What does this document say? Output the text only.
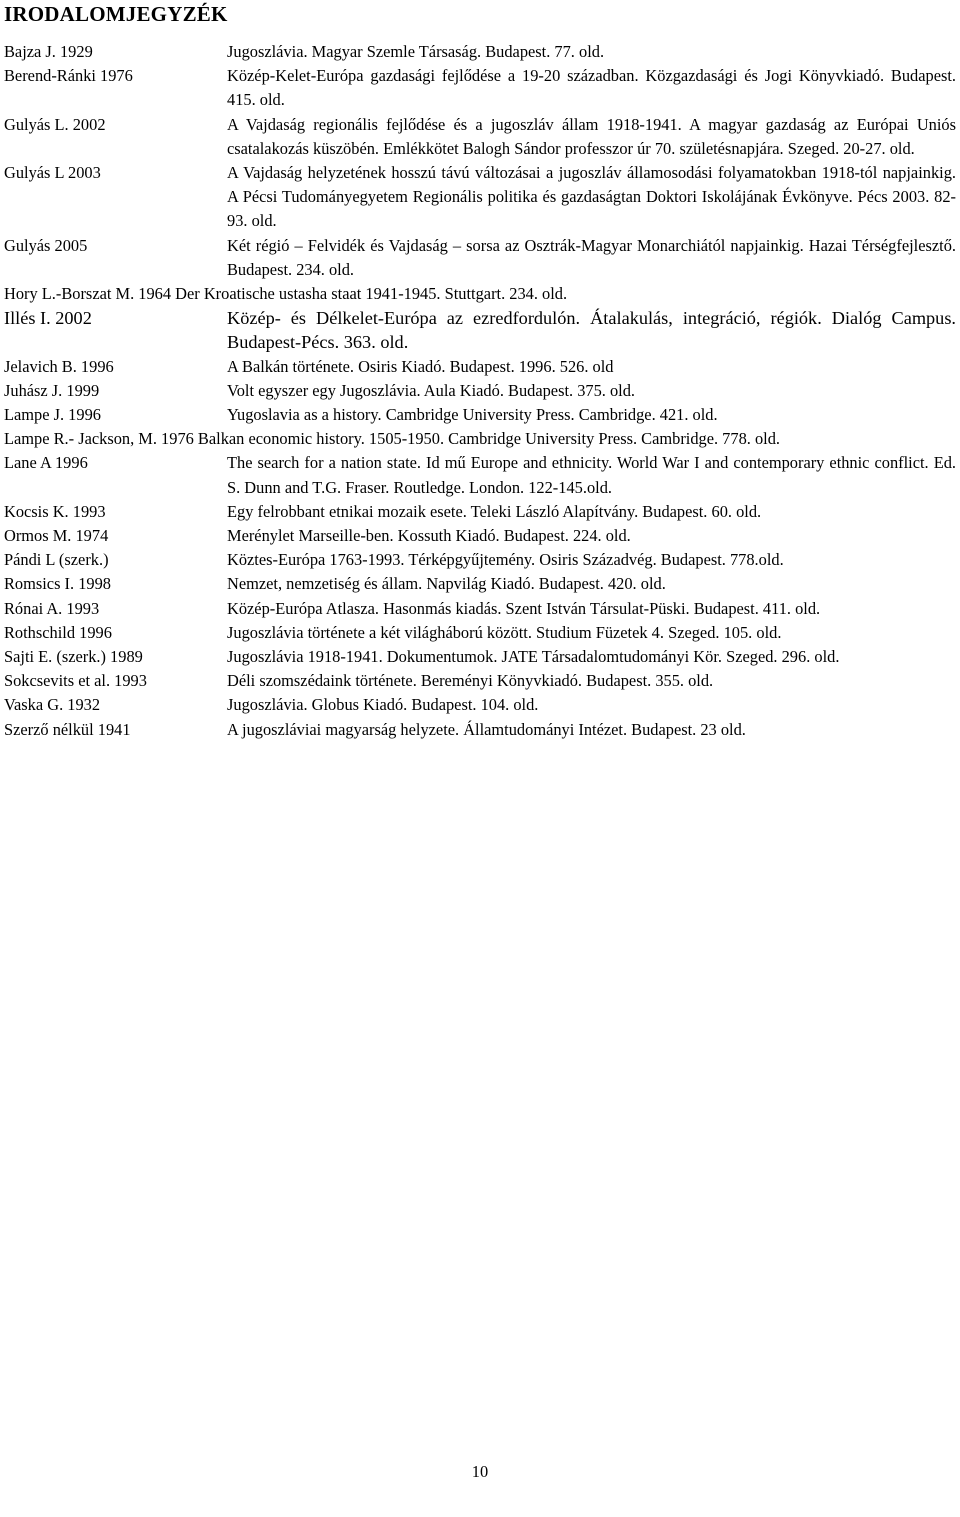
IRODALOMJEGYZÉK
Bajza J. 1929	Jugoszlávia. Magyar Szemle Társaság. Budapest. 77. old.
Berend-Ránki 1976	Közép-Kelet-Európa gazdasági fejlődése a 19-20 században. Közgazdasági és Jogi Könyvkiadó. Budapest. 415. old.
Gulyás L. 2002	A Vajdaság regionális fejlődése és a jugoszláv állam 1918-1941. A magyar gazdaság az Európai Uniós csatalakozás küszöbén. Emlékkötet Balogh Sándor professzor úr 70. születésnapjára. Szeged. 20-27. old.
Gulyás L 2003	A Vajdaság helyzetének hosszú távú változásai a jugoszláv államosodási folyamatokban 1918-tól napjainkig. A Pécsi Tudományegyetem Regionális politika és gazdaságtan Doktori Iskolájának Évkönyve. Pécs 2003. 82-93. old.
Gulyás 2005	Két régió – Felvidék és Vajdaság – sorsa az Osztrák-Magyar Monarchiától napjainkig. Hazai Térségfejlesztő. Budapest. 234. old.
Hory L.-Borszat M. 1964 Der Kroatische ustasha staat 1941-1945. Stuttgart. 234. old.
Illés I. 2002	Közép- és Délkelet-Európa az ezredfordulón. Átalakulás, integráció, régiók. Dialóg Campus. Budapest-Pécs. 363. old.
Jelavich B. 1996	A Balkán története. Osiris Kiadó. Budapest. 1996. 526. old
Juhász J. 1999	Volt egyszer egy Jugoszlávia. Aula Kiadó. Budapest. 375. old.
Lampe J. 1996	Yugoslavia as a history. Cambridge University Press. Cambridge. 421. old.
Lampe R.- Jackson, M. 1976 Balkan economic history. 1505-1950. Cambridge University Press. Cambridge. 778. old.
Lane A 1996	The search for a nation state. Id mű Europe and ethnicity. World War I and contemporary ethnic conflict. Ed. S. Dunn and T.G. Fraser. Routledge. London. 122-145.old.
Kocsis K. 1993	Egy felrobbant etnikai mozaik esete. Teleki László Alapítvány. Budapest. 60. old.
Ormos M. 1974	Merénylet Marseille-ben. Kossuth Kiadó. Budapest. 224. old.
Pándi L (szerk.)	Köztes-Európa 1763-1993. Térképgyűjtemény. Osiris Századvég. Budapest. 778.old.
Romsics I. 1998	Nemzet, nemzetiség és állam. Napvilág Kiadó. Budapest. 420. old.
Rónai A. 1993	Közép-Európa Atlasza. Hasonmás kiadás. Szent István Társulat-Püski. Budapest. 411. old.
Rothschild 1996	Jugoszlávia története a két világháború között. Studium Füzetek 4. Szeged. 105. old.
Sajti E. (szerk.) 1989	Jugoszlávia 1918-1941. Dokumentumok. JATE Társadalomtudományi Kör. Szeged. 296. old.
Sokcsevits et al. 1993	Déli szomszédaink története. Bereményi Könyvkiadó. Budapest. 355. old.
Vaska G. 1932	Jugoszlávia. Globus Kiadó. Budapest. 104. old.
Szerző nélkül 1941	A jugoszláviai magyarság helyzete. Államtudományi Intézet. Budapest. 23 old.
10
